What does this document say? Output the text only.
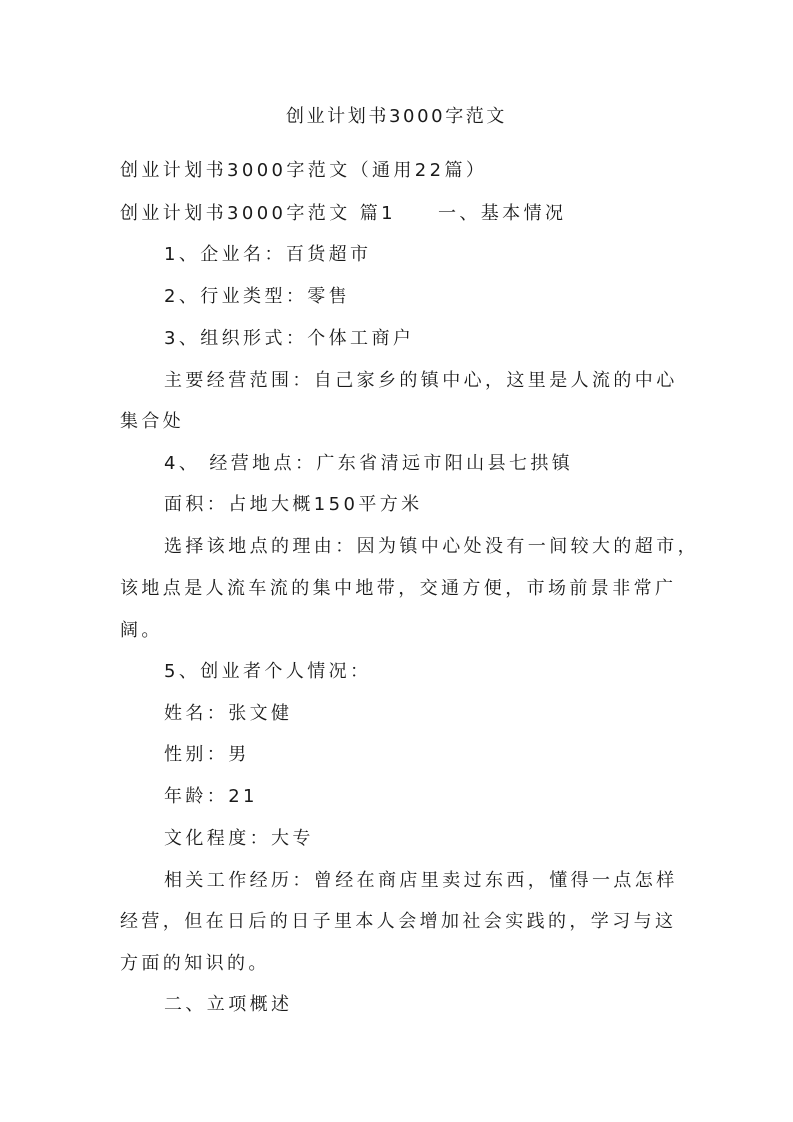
创业计划书3000字范文
创业计划书3000字范文（通用22篇）
创业计划书3000字范文 篇1 一、基本情况
1、企业名：百货超市
2、行业类型：零售
3、组织形式：个体工商户
主要经营范围：自己家乡的镇中心，这里是人流的中心
集合处
4、 经营地点：广东省清远市阳山县七拱镇
面积：占地大概150平方米
选择该地点的理由：因为镇中心处没有一间较大的超市，
该地点是人流车流的集中地带，交通方便，市场前景非常广
阔。
5、创业者个人情况：
姓名：张文健
性别：男
年龄：21
文化程度：大专
相关工作经历：曾经在商店里卖过东西，懂得一点怎样
经营，但在日后的日子里本人会增加社会实践的，学习与这
方面的知识的。
二、立项概述
